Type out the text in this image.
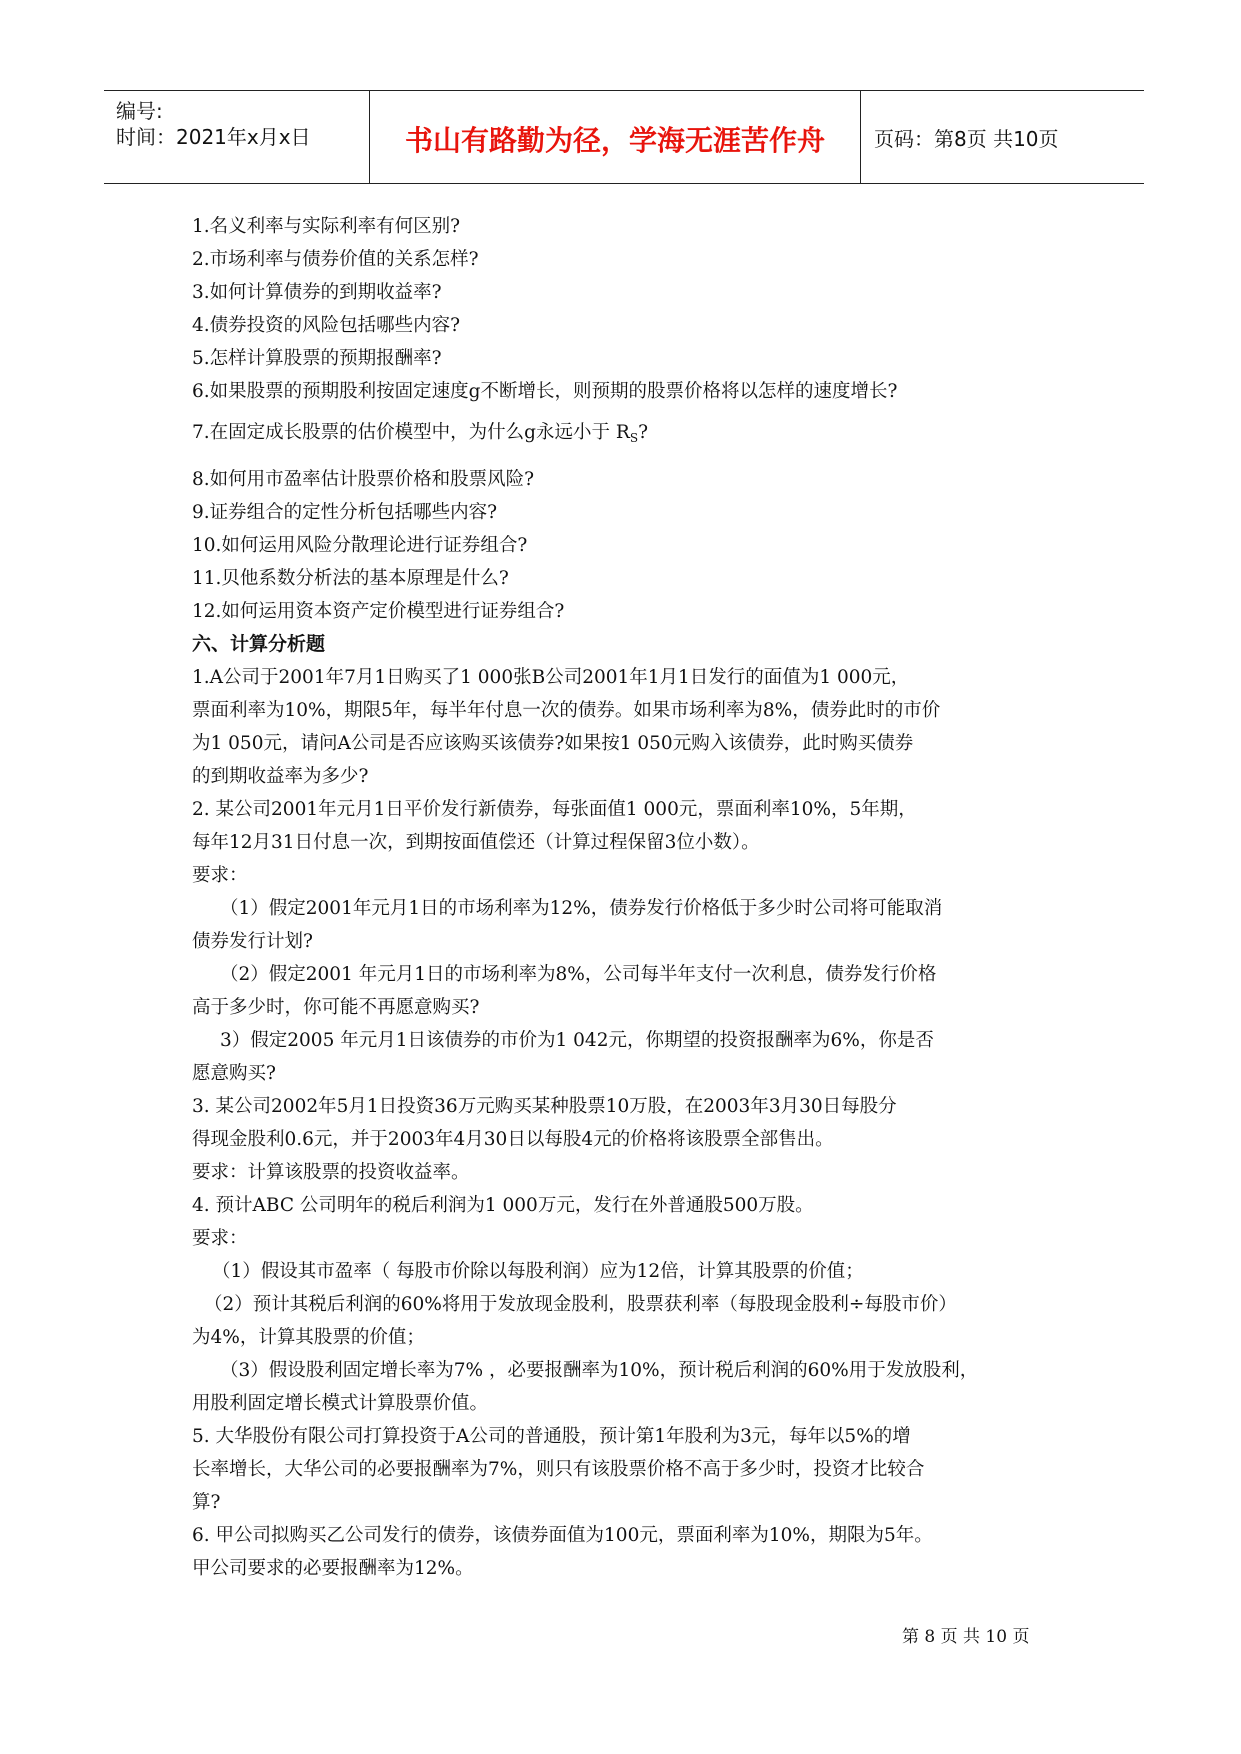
编号:
时间：2021年x月x日	书山有路勤为径，学海无涯苦作舟	页码：第8页 共10页
1.名义利率与实际利率有何区别?
2.市场利率与债券价值的关系怎样?
3.如何计算债券的到期收益率?
4.债券投资的风险包括哪些内容?
5.怎样计算股票的预期报酬率?
6.如果股票的预期股利按固定速度g不断增长，则预期的股票价格将以怎样的速度增长?
7.在固定成长股票的估价模型中，为什么g永远小于 $R_S$?
8.如何用市盈率估计股票价格和股票风险?
9.证券组合的定性分析包括哪些内容?
10.如何运用风险分散理论进行证券组合?
11.贝他系数分析法的基本原理是什么?
12.如何运用资本资产定价模型进行证券组合?
六、计算分析题
1.A公司于2001年7月1日购买了1 000张B公司2001年1月1日发行的面值为1 000元，
票面利率为10%，期限5年，每半年付息一次的债券。如果市场利率为8%，债券此时的市价
为1 050元，请问A公司是否应该购买该债券?如果按1 050元购入该债券，此时购买债券
的到期收益率为多少?
2. 某公司2001年元月1日平价发行新债券，每张面值1 000元，票面利率10%，5年期，
每年12月31日付息一次，到期按面值偿还（计算过程保留3位小数）。
要求：
（1）假定2001年元月1日的市场利率为12%，债券发行价格低于多少时公司将可能取消
债券发行计划?
（2）假定2001 年元月1日的市场利率为8%，公司每半年支付一次利息，债券发行价格
高于多少时，你可能不再愿意购买?
3）假定2005 年元月1日该债券的市价为1 042元，你期望的投资报酬率为6%，你是否
愿意购买?
3. 某公司2002年5月1日投资36万元购买某种股票10万股，在2003年3月30日每股分
得现金股利0.6元，并于2003年4月30日以每股4元的价格将该股票全部售出。
要求：计算该股票的投资收益率。
4. 预计ABC 公司明年的税后利润为1 000万元，发行在外普通股500万股。
要求：
（1）假设其市盈率（ 每股市价除以每股利润）应为12倍，计算其股票的价值；
（2）预计其税后利润的60%将用于发放现金股利，股票获利率（每股现金股利÷每股市价）
为4%，计算其股票的价值；
（3）假设股利固定增长率为7% ，必要报酬率为10%，预计税后利润的60%用于发放股利，
用股利固定增长模式计算股票价值。
5. 大华股份有限公司打算投资于A公司的普通股，预计第1年股利为3元，每年以5%的增
长率增长，大华公司的必要报酬率为7%，则只有该股票价格不高于多少时，投资才比较合
算?
6. 甲公司拟购买乙公司发行的债券，该债券面值为100元，票面利率为10%，期限为5年。
甲公司要求的必要报酬率为12%。
第 8 页 共 10 页
